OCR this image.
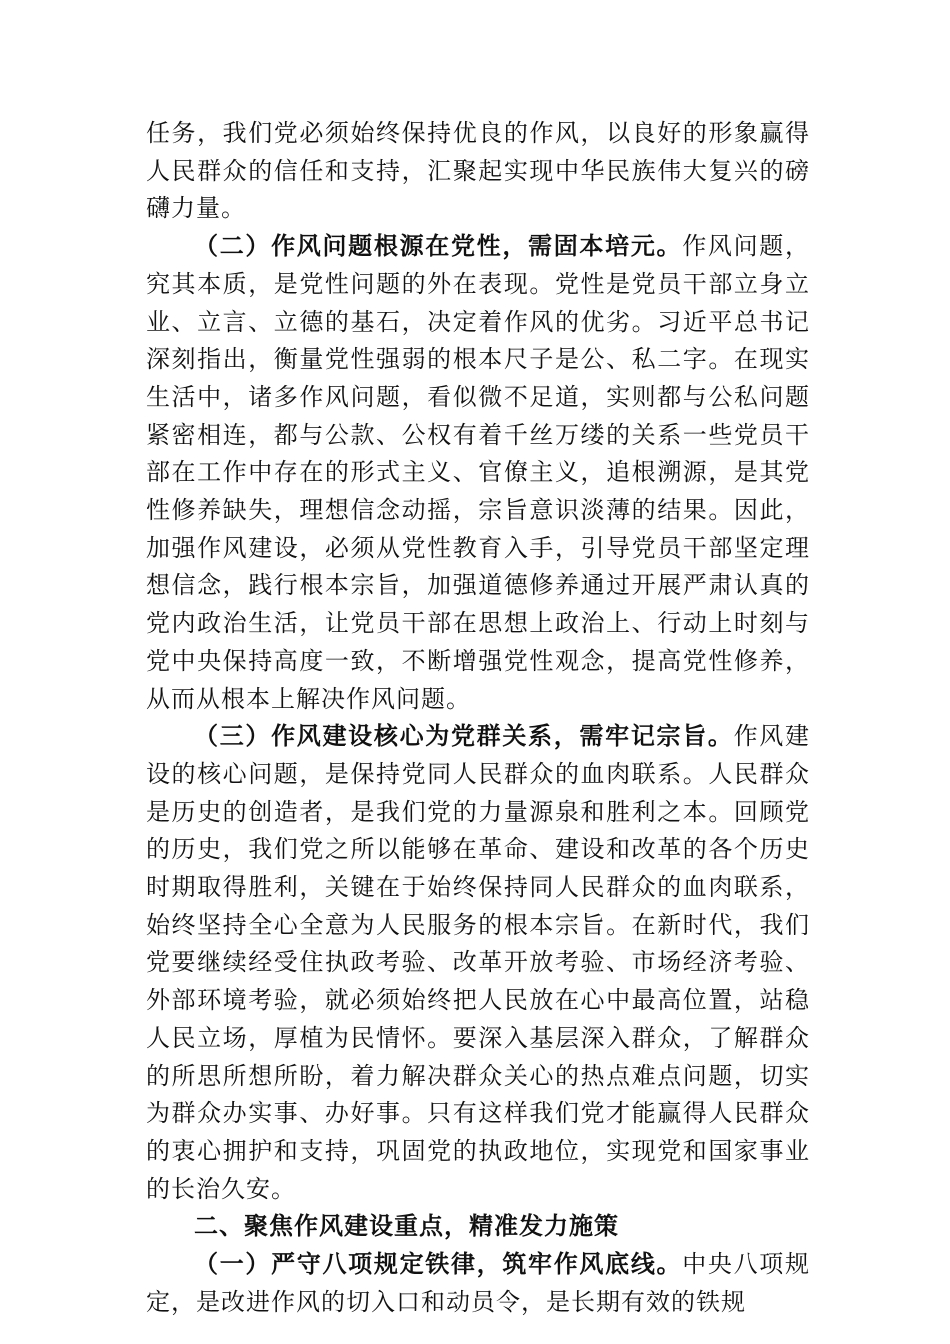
任务，我们党必须始终保持优良的作风，以良好的形象赢得人民群众的信任和支持，汇聚起实现中华民族伟大复兴的磅礴力量。

（二）作风问题根源在党性，需固本培元。作风问题，究其本质，是党性问题的外在表现。党性是党员干部立身立业、立言、立德的基石，决定着作风的优劣。习近平总书记深刻指出，衡量党性强弱的根本尺子是公、私二字。在现实生活中，诸多作风问题，看似微不足道，实则都与公私问题紧密相连，都与公款、公权有着千丝万缕的关系一些党员干部在工作中存在的形式主义、官僚主义，追根溯源，是其党性修养缺失，理想信念动摇，宗旨意识淡薄的结果。因此，加强作风建设，必须从党性教育入手，引导党员干部坚定理想信念，践行根本宗旨，加强道德修养通过开展严肃认真的党内政治生活，让党员干部在思想上政治上、行动上时刻与党中央保持高度一致，不断增强党性观念，提高党性修养，从而从根本上解决作风问题。

（三）作风建设核心为党群关系，需牢记宗旨。作风建设的核心问题，是保持党同人民群众的血肉联系。人民群众是历史的创造者，是我们党的力量源泉和胜利之本。回顾党的历史，我们党之所以能够在革命、建设和改革的各个历史时期取得胜利，关键在于始终保持同人民群众的血肉联系，始终坚持全心全意为人民服务的根本宗旨。在新时代，我们党要继续经受住执政考验、改革开放考验、市场经济考验、外部环境考验，就必须始终把人民放在心中最高位置，站稳人民立场，厚植为民情怀。要深入基层深入群众，了解群众的所思所想所盼，着力解决群众关心的热点难点问题，切实为群众办实事、办好事。只有这样我们党才能赢得人民群众的衷心拥护和支持，巩固党的执政地位，实现党和国家事业的长治久安。

二、聚焦作风建设重点，精准发力施策

（一）严守八项规定铁律，筑牢作风底线。中央八项规定，是改进作风的切入口和动员令，是长期有效的铁规
